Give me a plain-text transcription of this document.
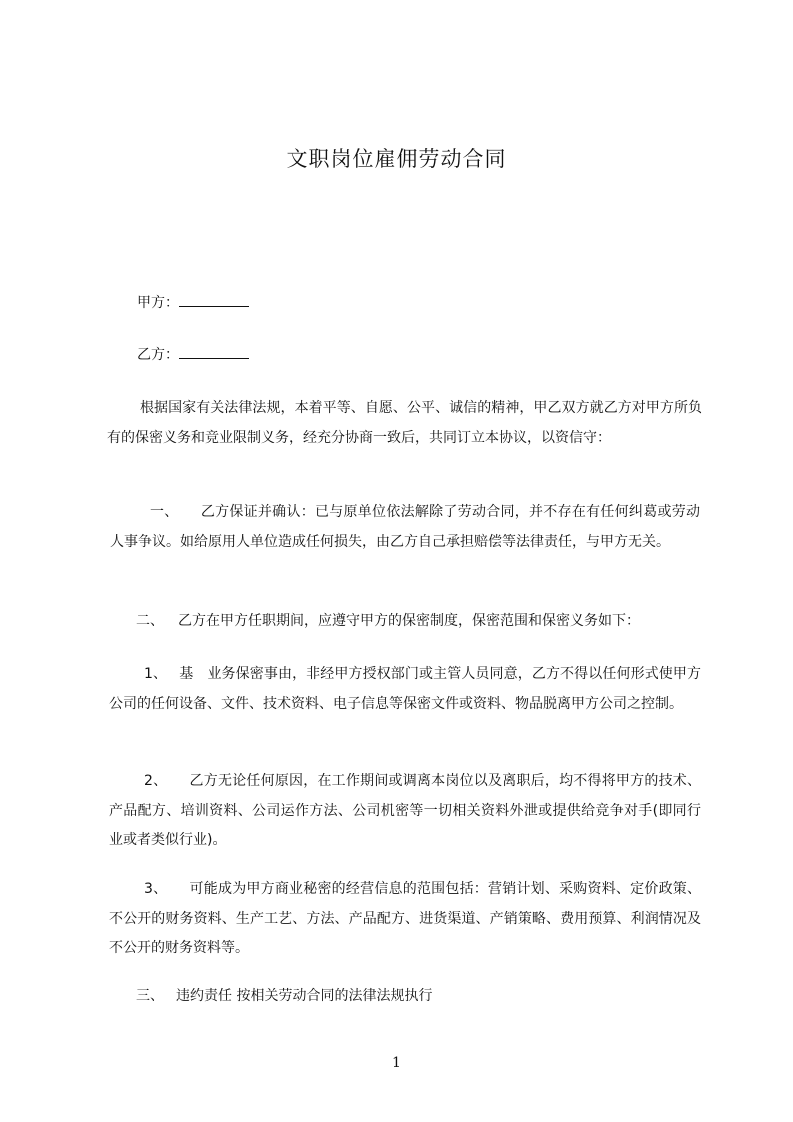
文职岗位雇佣劳动合同
甲方：
乙方：
根据国家有关法律法规，本着平等、自愿、公平、诚信的精神，甲乙双方就乙方对甲方所负有的保密义务和竞业限制义务，经充分协商一致后，共同订立本协议，以资信守：
一、 乙方保证并确认：已与原单位依法解除了劳动合同，并不存在有任何纠葛或劳动人事争议。如给原用人单位造成任何损失，由乙方自己承担赔偿等法律责任，与甲方无关。
二、 乙方在甲方任职期间，应遵守甲方的保密制度，保密范围和保密义务如下：
1、 基 业务保密事由，非经甲方授权部门或主管人员同意，乙方不得以任何形式使甲方公司的任何设备、文件、技术资料、电子信息等保密文件或资料、物品脱离甲方公司之控制。
2、 乙方无论任何原因，在工作期间或调离本岗位以及离职后，均不得将甲方的技术、产品配方、培训资料、公司运作方法、公司机密等一切相关资料外泄或提供给竞争对手(即同行业或者类似行业)。
3、 可能成为甲方商业秘密的经营信息的范围包括：营销计划、采购资料、定价政策、不公开的财务资料、生产工艺、方法、产品配方、进货渠道、产销策略、费用预算、利润情况及不公开的财务资料等。
三、 违约责任 按相关劳动合同的法律法规执行
1
